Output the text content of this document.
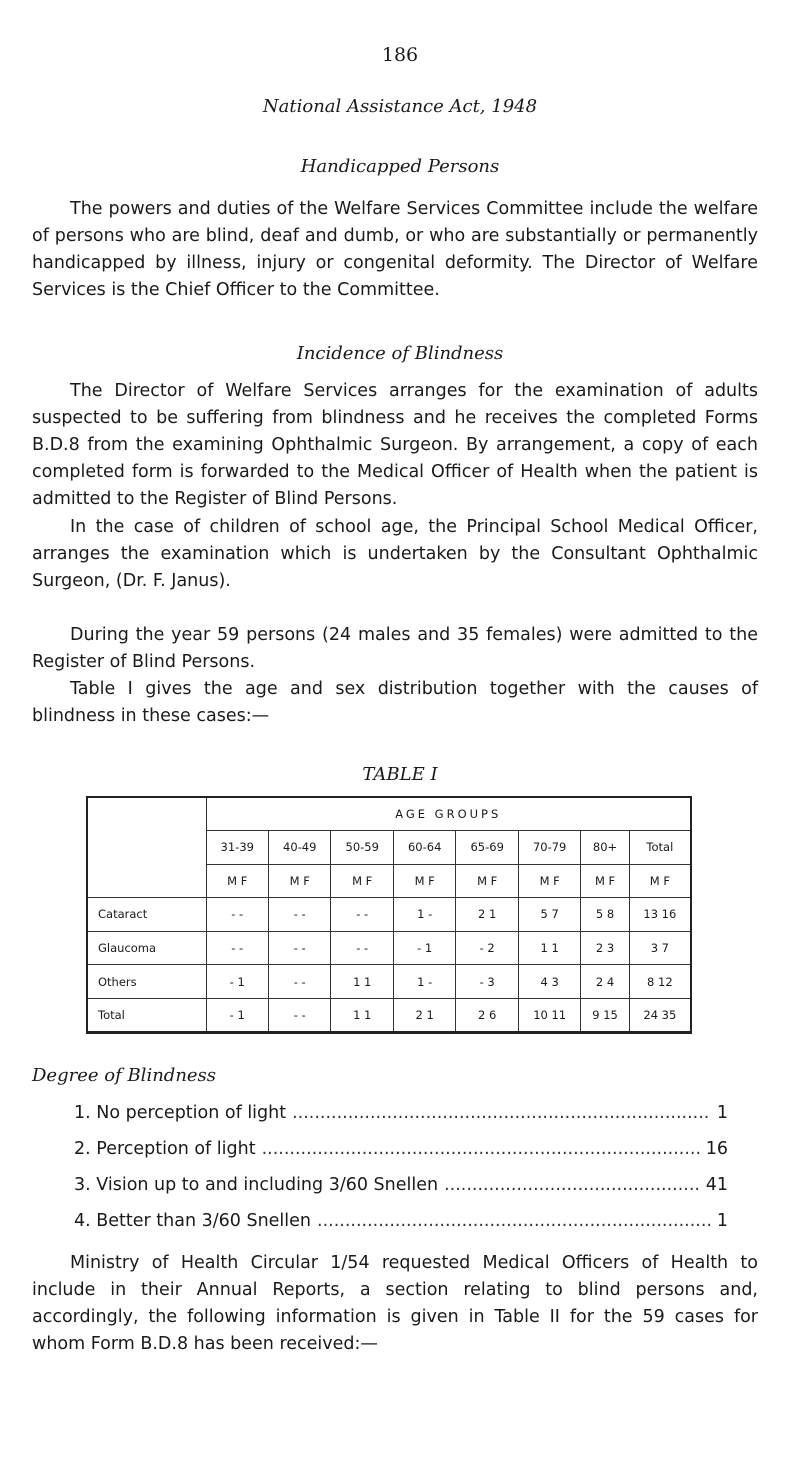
186
National Assistance Act, 1948
Handicapped Persons
The powers and duties of the Welfare Services Committee include the welfare of persons who are blind, deaf and dumb, or who are substantially or permanently handicapped by illness, injury or congenital deformity. The Director of Welfare Services is the Chief Officer to the Committee.
Incidence of Blindness
The Director of Welfare Services arranges for the examination of adults suspected to be suffering from blindness and he receives the completed Forms B.D.8 from the examining Ophthalmic Surgeon. By arrangement, a copy of each completed form is forwarded to the Medical Officer of Health when the patient is admitted to the Register of Blind Persons.
In the case of children of school age, the Principal School Medical Officer, arranges the examination which is undertaken by the Consultant Ophthalmic Surgeon, (Dr. F. Janus).
During the year 59 persons (24 males and 35 females) were admitted to the Register of Blind Persons.
Table I gives the age and sex distribution together with the causes of blindness in these cases:—
TABLE I
	AGE GROUPS							
	31-39	40-49	50-59	60-64	65-69	70-79	80+	Total
	M F	M F	M F	M F	M F	M F	M F	M F
Cataract	- -	- -	- -	1 -	2 1	5 7	5 8	13 16
Glaucoma	- -	- -	- -	- 1	- 2	1 1	2 3	3 7
Others	- 1	- -	1 1	1 -	- 3	4 3	2 4	8 12
Total	- 1	- -	1 1	2 1	2 6	10 11	9 15	24 35
Degree of Blindness
1. No perception of light .....	1
2. Perception of light .....	16
3. Vision up to and including 3/60 Snellen .....	41
4. Better than 3/60 Snellen .....	1
Ministry of Health Circular 1/54 requested Medical Officers of Health to include in their Annual Reports, a section relating to blind persons and, accordingly, the following information is given in Table II for the 59 cases for whom Form B.D.8 has been received:—
